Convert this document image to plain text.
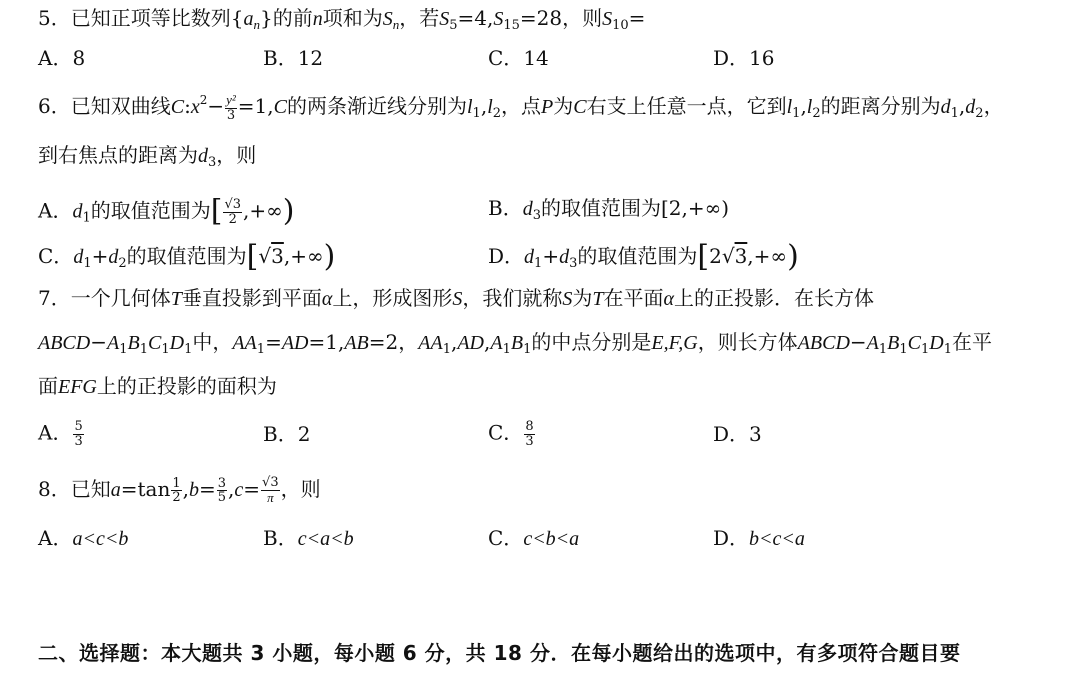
5．已知正项等比数列$\{a_n\}$的前n项和为$S_n$，若$S_5=4,S_{15}=28$，则$S_{10}=$
A．8	B．12	C．14	D．16
6．已知双曲线$C:x^2- \frac{\text{y²}}{3} =1,C$的两条渐近线分别为$l_1,l_2$，点P为C右支上任意一点，它到$l_1,l_2$的距离分别为$d_1,d_2$，
到右焦点的距离为$d_3$，则
A．$d_1$的取值范围为[ $\frac{√3}{2}$ ,+∞)	B．$d_3$的取值范围为[2,+∞)
C．$d_1+d_2$的取值范围为[√3,+∞)	D．$d_1+d_3$的取值范围为[2√3,+∞)
7．一个几何体T垂直投影到平面α上，形成图形S，我们就称S为T在平面α上的正投影．在长方体
$ABCD-A_1B_1C_1D_1$中，$AA_1=AD=1,AB=2$，$AA_1,AD,A_1B_1$的中点分别是E,F,G，则长方体$ABCD-A_1B_1C_1D_1$在平
面EFG上的正投影的面积为
A． $\frac{5}{3}$	B．2	C． $\frac{8}{3}$	D．3
8．已知$a=\tan \frac{1}{2} ,b= \frac{3}{5} ,c= \frac{√3}{\pi}$，则
A．a<c<b	B．c<a<b	C．c<b<a	D．b<c<a
二、选择题：本大题共 3 小题，每小题 6 分，共 18 分．在每小题给出的选项中，有多项符合题目要
